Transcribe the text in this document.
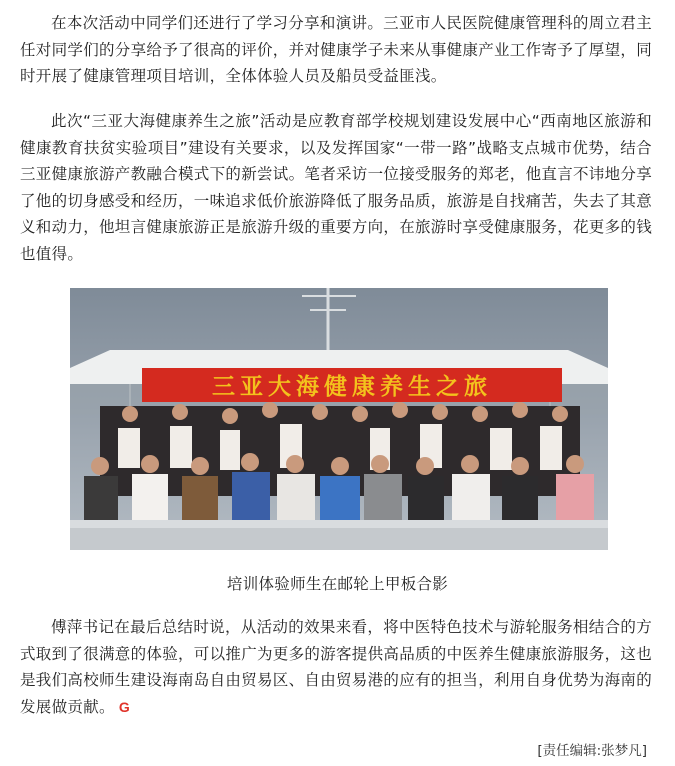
在本次活动中同学们还进行了学习分享和演讲。三亚市人民医院健康管理科的周立君主任对同学们的分享给予了很高的评价，并对健康学子未来从事健康产业工作寄予了厚望，同时开展了健康管理项目培训，全体体验人员及船员受益匪浅。

此次“三亚大海健康养生之旅”活动是应教育部学校规划建设发展中心“西南地区旅游和健康教育扶贫实验项目”建设有关要求，以及发挥国家“一带一路”战略支点城市优势，结合三亚健康旅游产教融合模式下的新尝试。笔者采访一位接受服务的郑老，他直言不讳地分享了他的切身感受和经历，一味追求低价旅游降低了服务品质，旅游是自找痛苦，失去了其意义和动力，他坦言健康旅游正是旅游升级的重要方向，在旅游时享受健康服务，花更多的钱也值得。

三亚大海健康养生之旅
培训体验师生在邮轮上甲板合影

傅萍书记在最后总结时说，从活动的效果来看，将中医特色技术与游轮服务相结合的方式取到了很满意的体验，可以推广为更多的游客提供高品质的中医养生健康旅游服务，这也是我们高校师生建设海南岛自由贸易区、自由贸易港的应有的担当，利用自身优势为海南的发展做贡献。 G

[责任编辑:张梦凡]
